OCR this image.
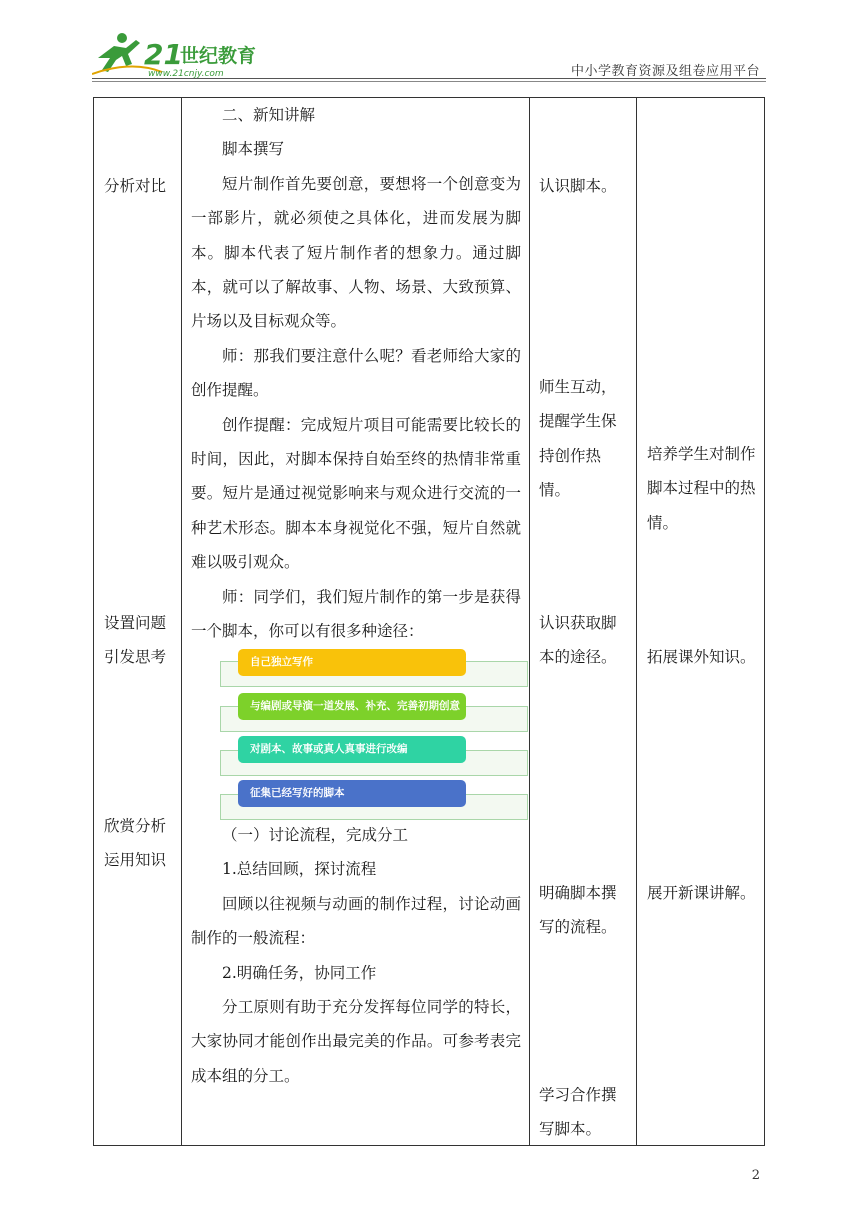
21
世纪教育
www.21cnjy.com	中小学教育资源及组卷应用平台
分析对比
设置问题
引发思考
欣赏分析
运用知识

二、新知讲解

脚本撰写

短片制作首先要创意，要想将一个创意变为一部影片，就必须使之具体化，进而发展为脚本。脚本代表了短片制作者的想象力。通过脚本，就可以了解故事、人物、场景、大致预算、片场以及目标观众等。

师：那我们要注意什么呢？看老师给大家的创作提醒。

创作提醒：完成短片项目可能需要比较长的时间，因此，对脚本保持自始至终的热情非常重要。短片是通过视觉影响来与观众进行交流的一种艺术形态。脚本本身视觉化不强，短片自然就难以吸引观众。

师：同学们，我们短片制作的第一步是获得一个脚本，你可以有很多种途径：

自己独立写作
与编剧或导演一道发展、补充、完善初期创意
对剧本、故事或真人真事进行改编
征集已经写好的脚本

（一）讨论流程，完成分工

1.总结回顾，探讨流程

回顾以往视频与动画的制作过程，讨论动画制作的一般流程：

2.明确任务，协同工作

分工原则有助于充分发挥每位同学的特长，大家协同才能创作出最完美的作品。可参考表完成本组的分工。

认识脚本。
师生互动，提醒学生保持创作热情。
认识获取脚本的途径。
明确脚本撰写的流程。
学习合作撰写脚本。
培养学生对制作脚本过程中的热情。
拓展课外知识。
展开新课讲解。
2
